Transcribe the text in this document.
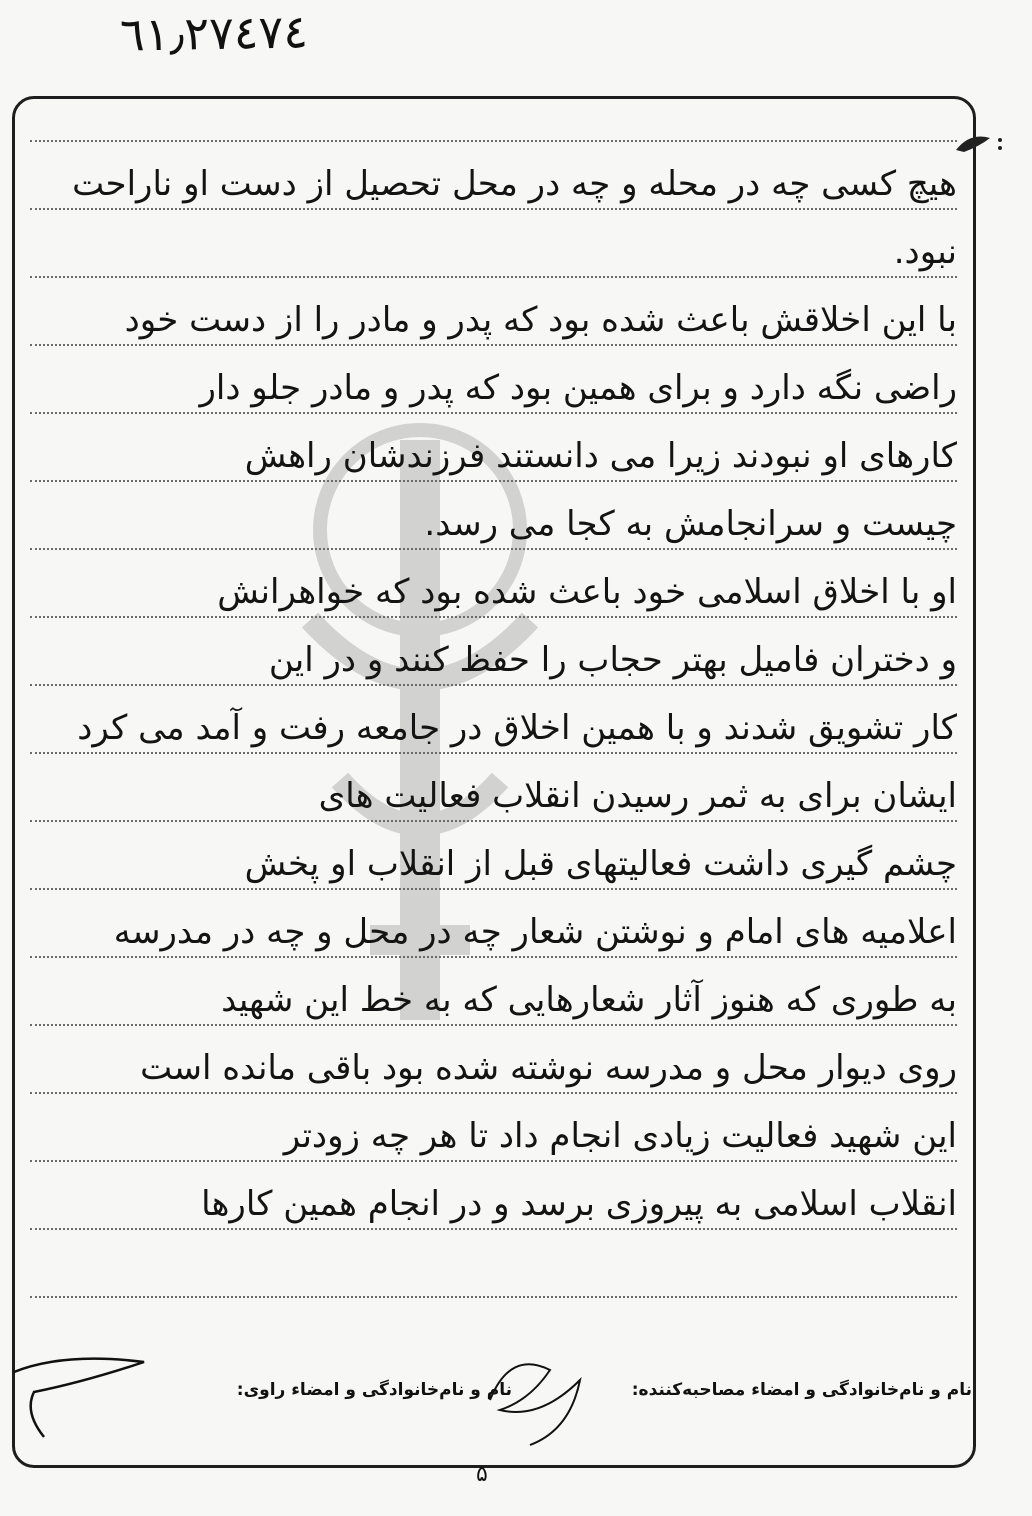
٦١٫٢٧٤٧٤
هیچ کسی چه در محله و چه در محل تحصیل از دست او ناراحت
نبود.
با این اخلاقش باعث شده بود که پدر و مادر را از دست خود
راضی نگه دارد و برای همین بود که پدر و مادر جلو دار
کارهای او نبودند زیرا می دانستند فرزندشان راهش
چیست و سرانجامش به کجا می رسد.
او با اخلاق اسلامی خود باعث شده بود که خواهرانش
و دختران فامیل بهتر حجاب را حفظ کنند و در این
کار تشویق شدند و با همین اخلاق در جامعه رفت و آمد می کرد
ایشان برای به ثمر رسیدن انقلاب فعالیت های
چشم گیری داشت فعالیتهای قبل از انقلاب او پخش
اعلامیه های امام و نوشتن شعار چه در محل و چه در مدرسه
به طوری که هنوز آثار شعارهایی که به خط این شهید
روی دیوار محل و مدرسه نوشته شده بود باقی مانده است
این شهید فعالیت زیادی انجام داد تا هر چه زودتر
انقلاب اسلامی به پیروزی برسد و در انجام همین کارها
نام و نام‌خانوادگی و امضاء مصاحبه‌کننده:
نام و نام‌خانوادگی و امضاء راوی:
۵
